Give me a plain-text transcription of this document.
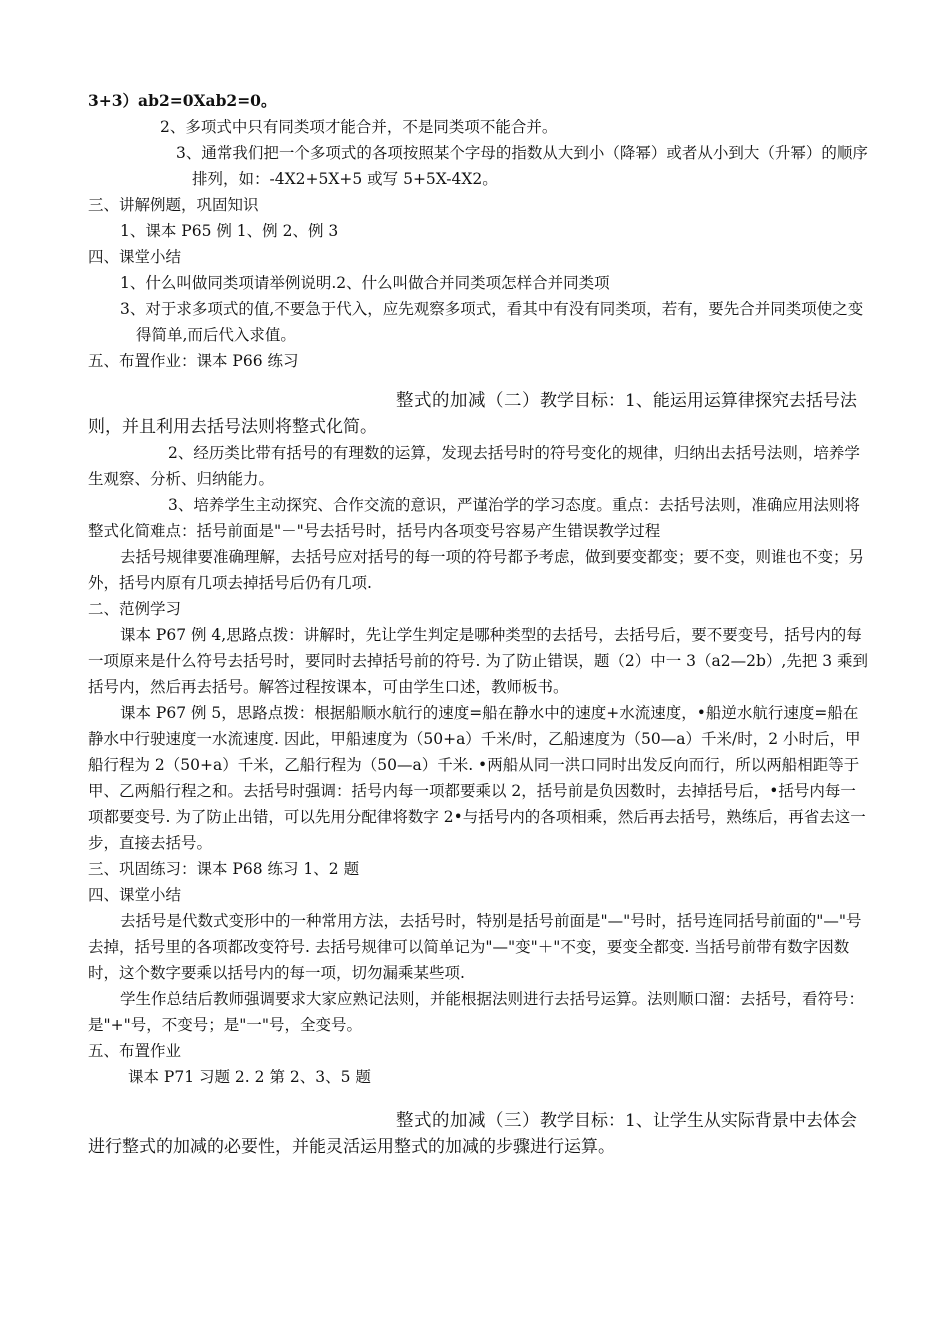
3+3）ab2=0Xab2=0。

2、多项式中只有同类项才能合并，不是同类项不能合并。

3、通常我们把一个多项式的各项按照某个字母的指数从大到小（降幂）或者从小到大（升幂）的顺序排列，如：-4X2+5X+5 或写 5+5X-4X2。

三、讲解例题，巩固知识

1、课本 P65 例 1、例 2、例 3

四、课堂小结

1、什么叫做同类项请举例说明.2、什么叫做合并同类项怎样合并同类项

3、对于求多项式的值,不要急于代入，应先观察多项式，看其中有没有同类项，若有，要先合并同类项使之变得简单,而后代入求值。

五、布置作业：课本 P66 练习

整式的加减（二）教学目标：1、能运用运算律探究去括号法则，并且利用去括号法则将整式化简。

2、经历类比带有括号的有理数的运算，发现去括号时的符号变化的规律，归纳出去括号法则，培养学生观察、分析、归纳能力。

3、培养学生主动探究、合作交流的意识，严谨治学的学习态度。重点：去括号法则，准确应用法则将整式化简难点：括号前面是"－"号去括号时，括号内各项变号容易产生错误教学过程

去括号规律要准确理解，去括号应对括号的每一项的符号都予考虑，做到要变都变；要不变，则谁也不变；另外，括号内原有几项去掉括号后仍有几项.

二、范例学习

课本 P67 例 4,思路点拨：讲解时，先让学生判定是哪种类型的去括号，去括号后，要不要变号，括号内的每一项原来是什么符号去括号时，要同时去掉括号前的符号. 为了防止错误，题（2）中一 3（a2—2b）,先把 3 乘到括号内，然后再去括号。解答过程按课本，可由学生口述，教师板书。

课本 P67 例 5，思路点拨：根据船顺水航行的速度=船在静水中的速度+水流速度，•船逆水航行速度=船在静水中行驶速度一水流速度. 因此，甲船速度为（50+a）千米/时，乙船速度为（50—a）千米/时，2 小时后，甲船行程为 2（50+a）千米，乙船行程为（50—a）千米. •两船从同一洪口同时出发反向而行，所以两船相距等于甲、乙两船行程之和。去括号时强调：括号内每一项都要乘以 2，括号前是负因数时，去掉括号后，•括号内每一项都要变号. 为了防止出错，可以先用分配律将数字 2•与括号内的各项相乘，然后再去括号，熟练后，再省去这一步，直接去括号。

三、巩固练习：课本 P68 练习 1、2 题

四、课堂小结

去括号是代数式变形中的一种常用方法，去括号时，特别是括号前面是"—"号时，括号连同括号前面的"—"号去掉，括号里的各项都改变符号. 去括号规律可以简单记为"—"变"＋"不变，要变全都变. 当括号前带有数字因数时，这个数字要乘以括号内的每一项，切勿漏乘某些项.

学生作总结后教师强调要求大家应熟记法则，并能根据法则进行去括号运算。法则顺口溜：去括号，看符号：是"+"号，不变号；是"一"号，全变号。

五、布置作业

课本 P71 习题 2. 2 第 2、3、5 题

整式的加减（三）教学目标：1、让学生从实际背景中去体会进行整式的加减的必要性，并能灵活运用整式的加减的步骤进行运算。
